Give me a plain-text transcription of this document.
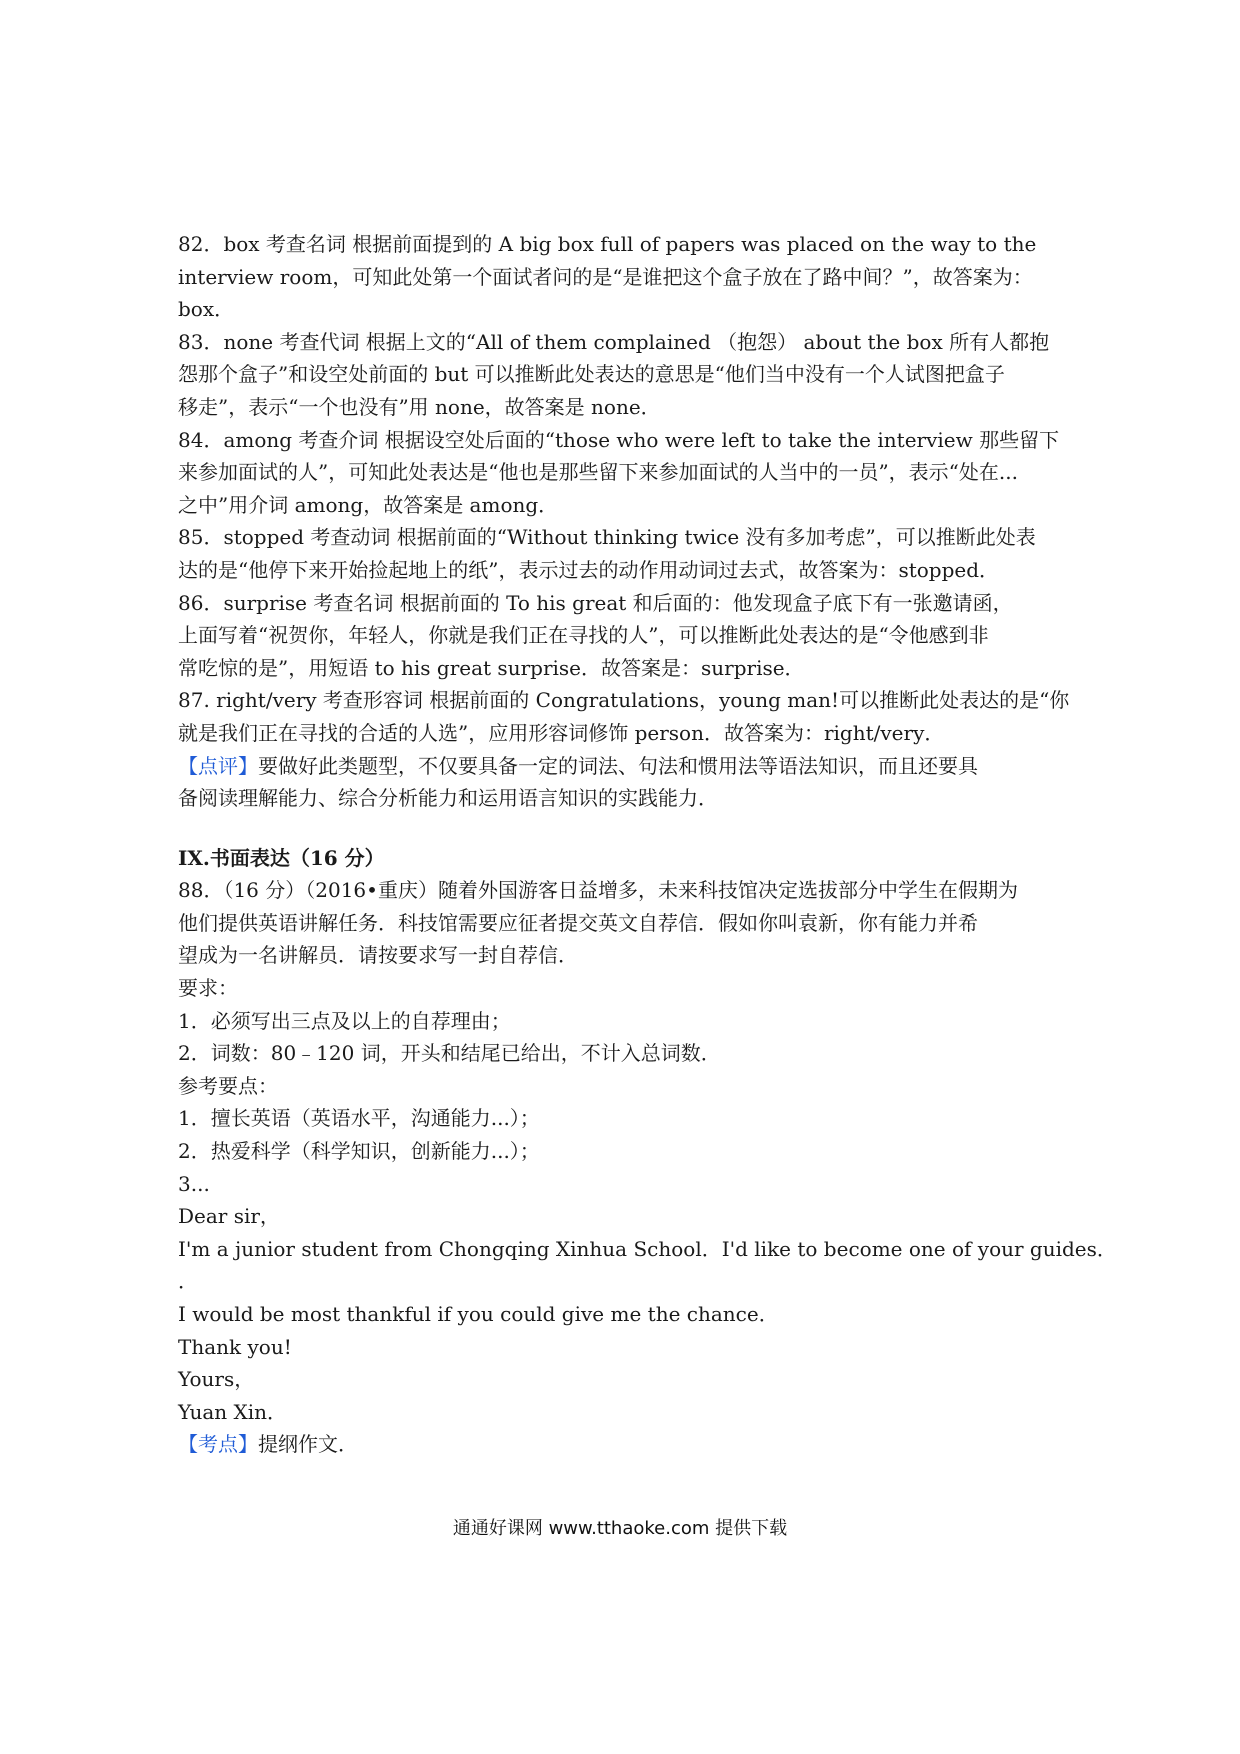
82．box 考查名词 根据前面提到的 A big box full of papers was placed on the way to the
interview room，可知此处第一个面试者问的是“是谁把这个盒子放在了路中间？”，故答案为：
box．
83．none 考查代词 根据上文的“All of them complained （抱怨） about the box 所有人都抱
怨那个盒子”和设空处前面的 but 可以推断此处表达的意思是“他们当中没有一个人试图把盒子
移走”，表示“一个也没有”用 none，故答案是 none．
84．among 考查介词 根据设空处后面的“those who were left to take the interview 那些留下
来参加面试的人”，可知此处表达是“他也是那些留下来参加面试的人当中的一员”，表示“处在...
之中”用介词 among，故答案是 among．
85．stopped 考查动词 根据前面的“Without thinking twice 没有多加考虑”，可以推断此处表
达的是“他停下来开始捡起地上的纸”，表示过去的动作用动词过去式，故答案为：stopped．
86．surprise 考查名词 根据前面的 To his great 和后面的：他发现盒子底下有一张邀请函，
上面写着“祝贺你，年轻人，你就是我们正在寻找的人”，可以推断此处表达的是“令他感到非
常吃惊的是”，用短语 to his great surprise．故答案是：surprise．
87. right/very 考查形容词 根据前面的 Congratulations，young man!可以推断此处表达的是“你
就是我们正在寻找的合适的人选”，应用形容词修饰 person．故答案为：right/very．
【点评】要做好此类题型，不仅要具备一定的词法、句法和惯用法等语法知识，而且还要具
备阅读理解能力、综合分析能力和运用语言知识的实践能力．
IX.书面表达（16 分）
88．（16 分）（2016•重庆）随着外国游客日益增多，未来科技馆决定选拔部分中学生在假期为
他们提供英语讲解任务．科技馆需要应征者提交英文自荐信．假如你叫袁新，你有能力并希
望成为一名讲解员．请按要求写一封自荐信．
要求：
1．必须写出三点及以上的自荐理由；
2．词数：80﹣120 词，开头和结尾已给出，不计入总词数．
参考要点：
1．擅长英语（英语水平，沟通能力...）；
2．热爱科学（科学知识，创新能力...）；
3...
Dear sir，
I'm a junior student from Chongqing Xinhua School．I'd like to become one of your guides．
．
I would be most thankful if you could give me the chance．
Thank you!
Yours，
Yuan Xin．
【考点】提纲作文．
通通好课网 www.tthaoke.com 提供下载
